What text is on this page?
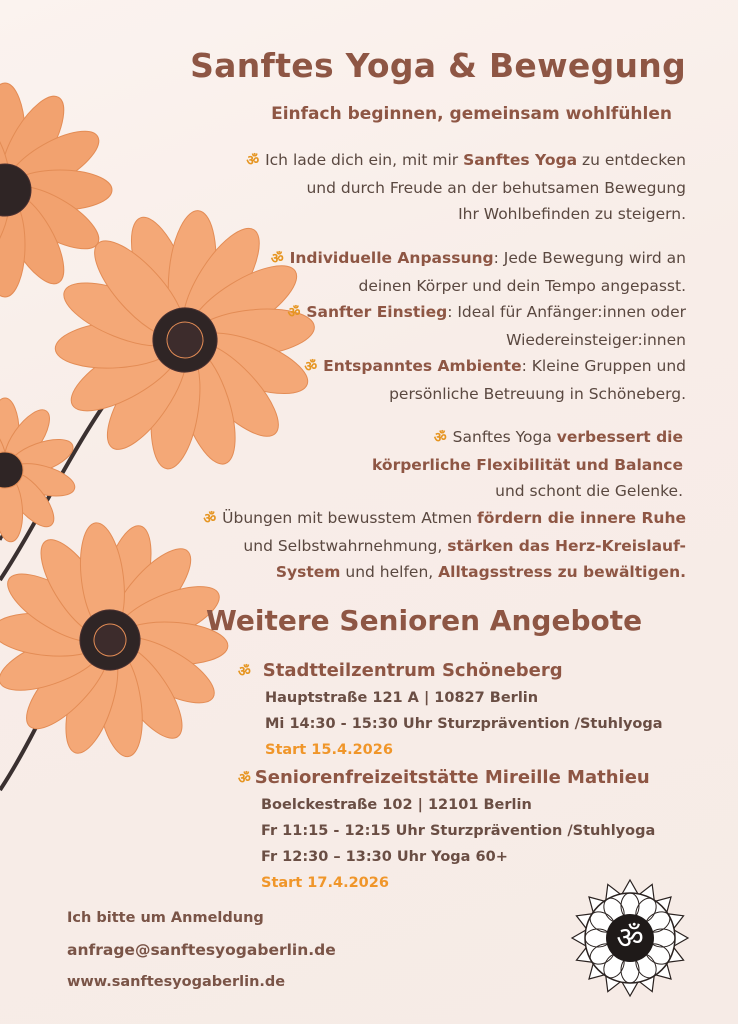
Sanftes Yoga & Bewegung
Einfach beginnen, gemeinsam wohlfühlen
ॐ Ich lade dich ein, mit mir Sanftes Yoga zu entdecken
und durch Freude an der behutsamen Bewegung
Ihr Wohlbefinden zu steigern.
ॐ Individuelle Anpassung: Jede Bewegung wird an
deinen Körper und dein Tempo angepasst.
ॐ Sanfter Einstieg: Ideal für Anfänger:innen oder
Wiedereinsteiger:innen
ॐ Entspanntes Ambiente: Kleine Gruppen und
persönliche Betreuung in Schöneberg.
ॐ Sanftes Yoga verbessert die
körperliche Flexibilität und Balance
und schont die Gelenke.
ॐ Übungen mit bewusstem Atmen fördern die innere Ruhe
und Selbstwahrnehmung, stärken das Herz-Kreislauf-
System und helfen, Alltagsstress zu bewältigen.
Weitere Senioren Angebote
ॐ Stadtteilzentrum Schöneberg
Hauptstraße 121 A | 10827 Berlin
Mi 14:30 - 15:30 Uhr Sturzprävention /Stuhlyoga
Start 15.4.2026
ॐ Seniorenfreizeitstätte Mireille Mathieu
Boelckestraße 102 | 12101 Berlin
Fr 11:15 - 12:15 Uhr Sturzprävention /Stuhlyoga
Fr 12:30 – 13:30 Uhr Yoga 60+
Start 17.4.2026
Ich bitte um Anmeldung
anfrage@sanftesyogaberlin.de
www.sanftesyogaberlin.de
ॐ
